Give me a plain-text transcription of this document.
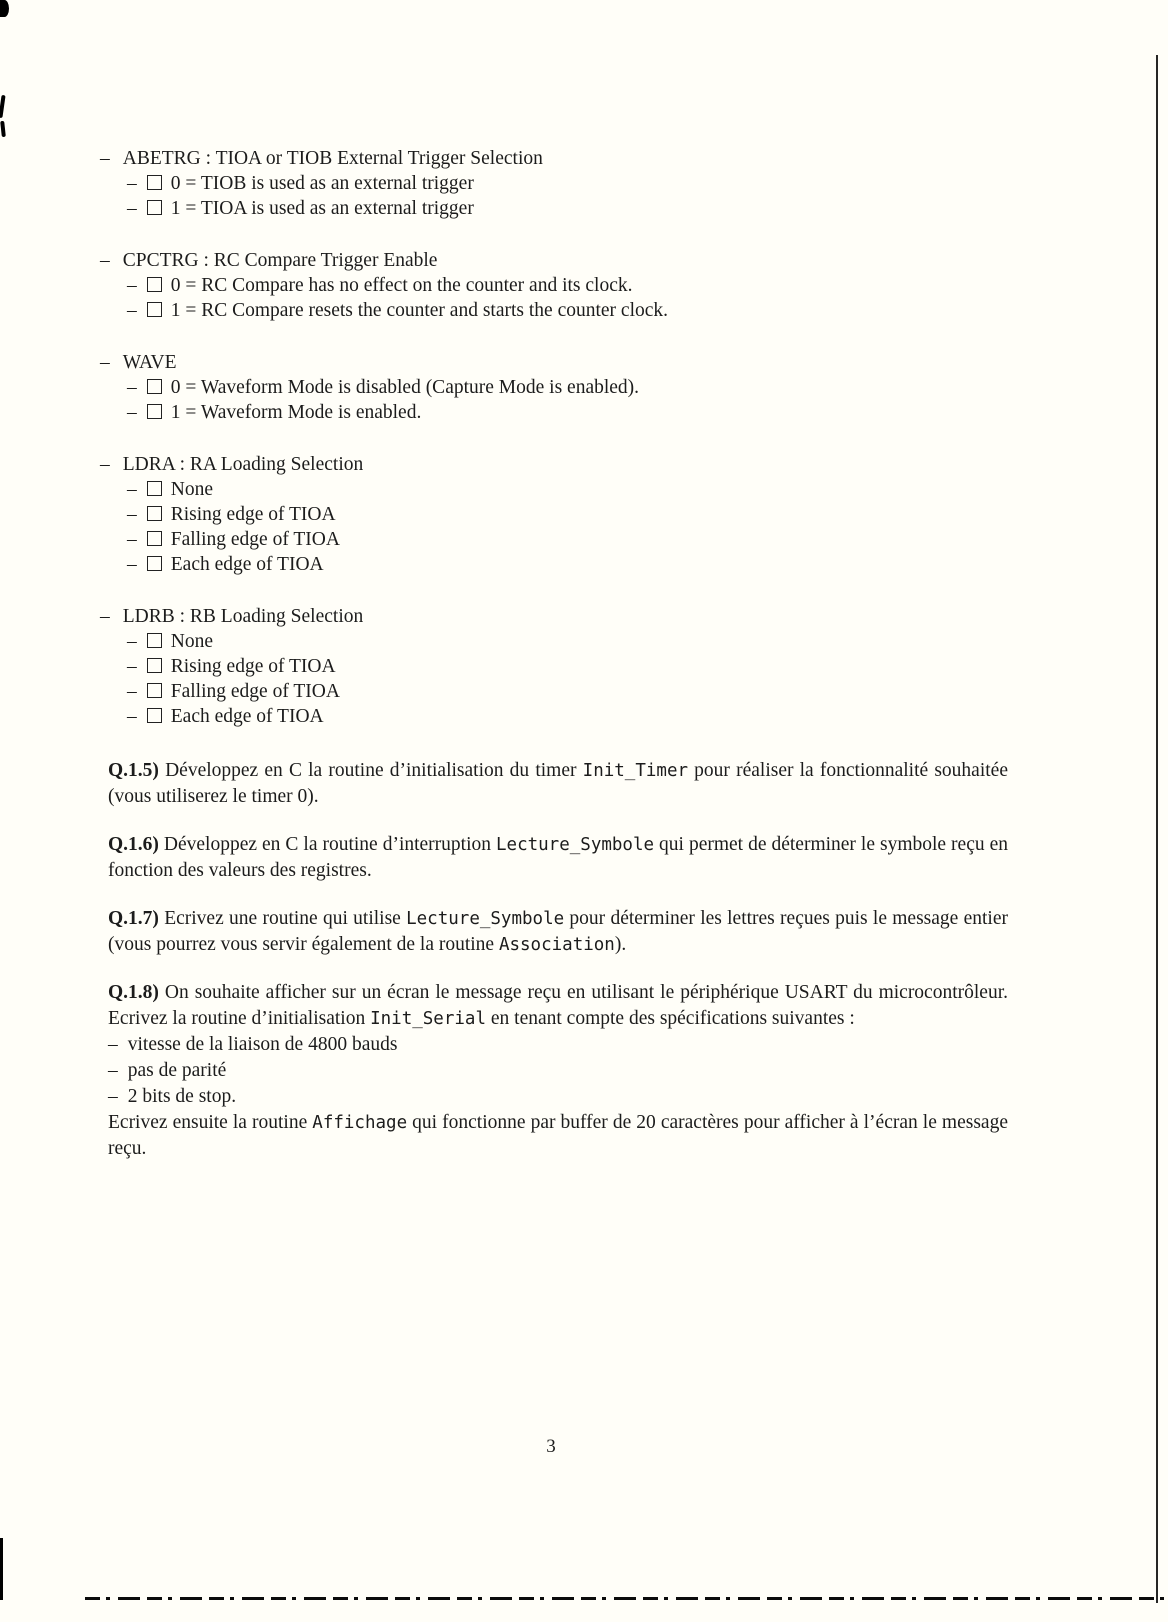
– ABETRG : TIOA or TIOB External Trigger Selection
– 0 = TIOB is used as an external trigger
– 1 = TIOA is used as an external trigger
– CPCTRG : RC Compare Trigger Enable
– 0 = RC Compare has no effect on the counter and its clock.
– 1 = RC Compare resets the counter and starts the counter clock.
– WAVE
– 0 = Waveform Mode is disabled (Capture Mode is enabled).
– 1 = Waveform Mode is enabled.
– LDRA : RA Loading Selection
– None
– Rising edge of TIOA
– Falling edge of TIOA
– Each edge of TIOA
– LDRB : RB Loading Selection
– None
– Rising edge of TIOA
– Falling edge of TIOA
– Each edge of TIOA

Q.1.5) Développez en C la routine d’initialisation du timer Init_Timer pour réaliser la fonctionnalité souhaitée (vous utiliserez le timer 0).

Q.1.6) Développez en C la routine d’interruption Lecture_Symbole qui permet de déterminer le symbole reçu en fonction des valeurs des registres.

Q.1.7) Ecrivez une routine qui utilise Lecture_Symbole pour déterminer les lettres reçues puis le message entier (vous pourrez vous servir également de la routine Association).

Q.1.8) On souhaite afficher sur un écran le message reçu en utilisant le périphérique USART du microcontrôleur. Ecrivez la routine d’initialisation Init_Serial en tenant compte des spécifications suivantes :

– vitesse de la liaison de 4800 bauds
– pas de parité
– 2 bits de stop.

Ecrivez ensuite la routine Affichage qui fonctionne par buffer de 20 caractères pour afficher à l’écran le message reçu.

3
